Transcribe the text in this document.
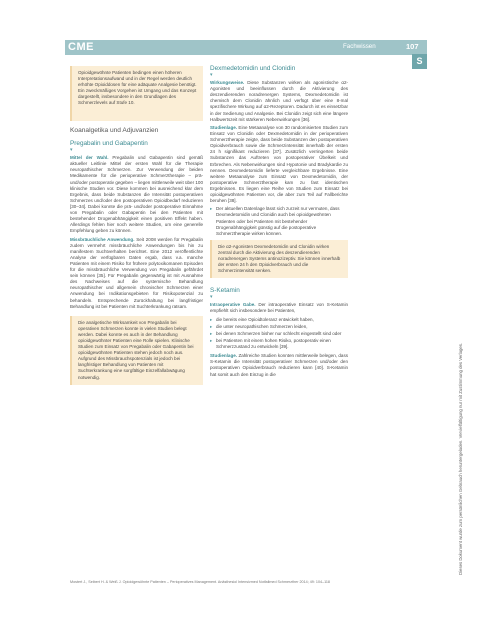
CME	Fachwissen	107
S
Opioidgewöhnte Patienten bedingen einen höheren Interpretationsaufwand und in der Regel werden deutlich erhöhte Opioiddosen für eine adäquate Analgesie benötigt. Ein zweckmäßiges Vorgehen ist Umgang und das Konzept dargestellt, insbesondere in den Grundlagen des Schmerzlevels auf Stufe 10.
Koanalgetika und Adjuvanzien
Pregabalin und Gabapentin
▾

Mittel der Wahl. Pregabalin und Gabapentin sind gemäß aktueller Leitlinie Mittel der ersten Wahl für die Therapie neuropathischer Schmerzen. Zur Verwendung der beiden Medikamente für die perioperative Schmerztherapie – prä- und/oder postoperativ gegeben – liegen mittlerweile weit über 100 klinische Studien vor. Diese kommen bei ausreichend klar dem Ergebnis, dass beide Substanzen die Intensität postoperativen Schmerzes und/oder den postoperativen Opioidbedarf reduzieren [30–34]. Dabei konnte die prä- und/oder postoperative Einnahme von Pregabalin oder Gabapentin bei den Patienten mit bestehender Drogenabhängigkeit einen positiven Effekt haben. Allerdings fehlen hier noch weitere Studien, um eine generelle Empfehlung geben zu können.

Missbräuchliche Anwendung. Seit 2008 werden für Pregabalin zudem vermehrt missbräuchliche Anwendungen bis hin zu manifestem Suchtverhalten berichtet. Eine 2012 veröffentlichte Analyse der verfügbaren Daten ergab, dass v.a. manche Patienten mit einem Risiko für frühere polytoxikomanen Episoden für die missbräuchliche Verwendung von Pregabalin gefährdet sein können [35]. Für Pregabalin gegenwärtig ist mit Ausnahme des Nachweises auf die systemische Behandlung neuropathischer und allgemein chronischer Schmerzen einer Anwendung bei Indikationsgebieten für Risikopotenzial zu behandeln. Entsprechende Zurückhaltung bei langfristiger Behandlung ist bei Patienten mit Suchterkrankung ratsam.

Die analgetische Wirksamkeit von Pregabalin bei operativen Schmerzen konnte in vielen Studien belegt werden. Dabei konnte es auch in der Behandlung opioidgewöhnter Patienten eine Rolle spielen. Klinische Studien zum Einsatz von Pregabalin oder Gabapentin bei opioidgewöhnten Patienten stehen jedoch noch aus. Aufgrund des Missbrauchspotenzials ist jedoch bei langfristiger Behandlung von Patienten mit Suchterkrankung eine sorgfältige Einzelfallabwägung notwendig.
Dexmedetomidin und Clonidin
▾

Wirkungsweise. Diese Substanzen wirken als agonistische α2-Agonisten und beeinflussen durch die Aktivierung des deszendierenden noradrenergen Systems, Dexmedetomidin ist chemisch dem Clonidin ähnlich und verfügt über eine 8-mal spezifischere Wirkung auf α2-Rezeptoren. Dadurch ist es einsetzbar in der Sedierung und Analgesie. Bei Clonidin zeigt sich eine längere Halbwertszeit mit stärkeren Nebenwirkungen [36].

Studienlage. Eine Metaanalyse von 30 randomisierten Studien zum Einsatz von Clonidin oder Dexmedetomidin in der perioperativen Schmerztherapie zeigte, dass beide Substanzen den postoperativen Opioidverbrauch sowie die Schmerzintensität innerhalb der ersten 24 h signifikant reduzieren [37]. Zusätzlich verringerten beide Substanzen das Auftreten von postoperativer Übelkeit und Erbrechen. Als Nebenwirkungen sind Hypotonie und Bradykardie zu nennen. Dexmedetomidin lieferte vergleichbare Ergebnisse. Eine weitere Metaanalyse zum Einsatz von Dexmedetomidin, der postoperative Schmerztherapie kam zu fast identischen Ergebnissen. Es liegen eine Reihe von Studien zum Einsatz bei opioidgewöhnten Patienten vor, die aber zum Teil auf Fallberichte beruhen [38].

▸ Der aktuellen Datenlage lässt sich zurzeit nur vermuten, dass Dexmedetomidin und Clonidin auch bei opioidgewöhnten Patienten oder bei Patienten mit bestehender Drogenabhängigkeit günstig auf die postoperative Schmerztherapie wirken können.
Die α2-Agonisten Dexmedetomidin und Clonidin wirken zentral durch die Aktivierung des deszendierenden noradrenergen Systems antinozizeptiv. Sie können innerhalb der ersten 24 h den Opioidverbrauch und die Schmerzintensität senken.
S-Ketamin
▾

Intraoperative Gabe. Der intraoperative Einsatz von S-Ketamin empfiehlt sich insbesondere bei Patienten,

▸ die bereits eine Opioidtoleranz entwickelt haben,
▸ die unter neuropathischen Schmerzen leiden,
▸ bei denen Schmerzen bisher nur schlecht eingestellt sind oder
▸ bei Patienten mit einem hohen Risiko, postoperativ einen Schmerzzustand zu entwickeln [39].

Studienlage. Zahlreiche Studien konnten mittlerweile belegen, dass S-Ketamin die Intensität postoperativer Schmerzen und/oder den postoperativen Opioidverbrauch reduzieren kann [40]. S-Ketamin hat somit auch den Einzug in die

Mostert J., Seibert H. & Weiß J. Opioidgewöhnte Patienten – Perioperatives Management. Anästhesiol Intensivmed Notfallmed Schmerzther 2014; 49: 104–118
Dieses Dokument wurde zum persönlichen Gebrauch heruntergeladen. Vervielfältigung nur mit Zustimmung des Verlages.
